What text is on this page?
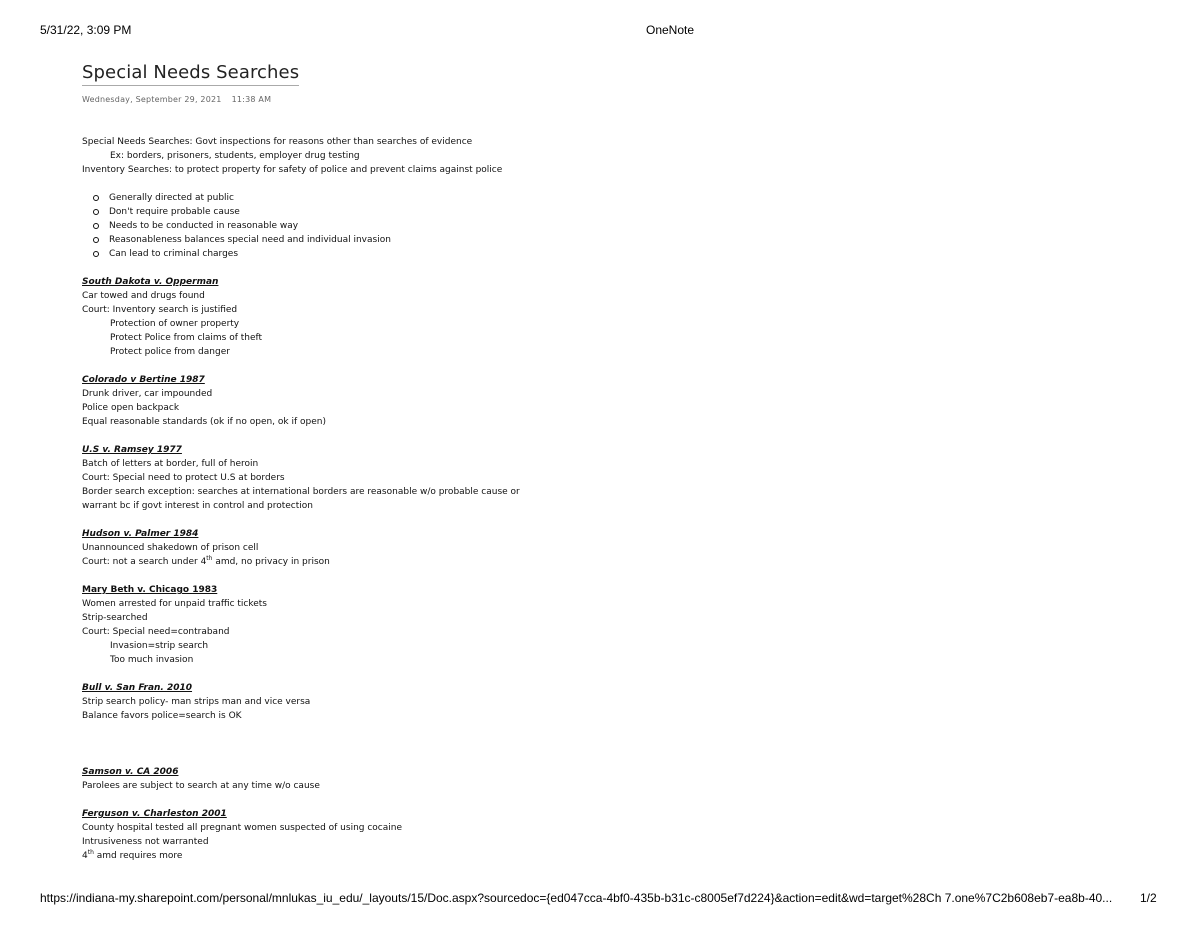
5/31/22, 3:09 PM	OneNote
Special Needs Searches
Wednesday, September 29, 2021 11:38 AM
Special Needs Searches: Govt inspections for reasons other than searches of evidence
Ex: borders, prisoners, students, employer drug testing
Inventory Searches: to protect property for safety of police and prevent claims against police
Generally directed at public
Don't require probable cause
Needs to be conducted in reasonable way
Reasonableness balances special need and individual invasion
Can lead to criminal charges
South Dakota v. Opperman
Car towed and drugs found
Court: Inventory search is justified
Protection of owner property
Protect Police from claims of theft
Protect police from danger
Colorado v Bertine 1987
Drunk driver, car impounded
Police open backpack
Equal reasonable standards (ok if no open, ok if open)
U.S v. Ramsey 1977
Batch of letters at border, full of heroin
Court: Special need to protect U.S at borders
Border search exception: searches at international borders are reasonable w/o probable cause or
warrant bc if govt interest in control and protection
Hudson v. Palmer 1984
Unannounced shakedown of prison cell
Court: not a search under 4th amd, no privacy in prison
Mary Beth v. Chicago 1983
Women arrested for unpaid traffic tickets
Strip-searched
Court: Special need=contraband
Invasion=strip search
Too much invasion
Bull v. San Fran. 2010
Strip search policy- man strips man and vice versa
Balance favors police=search is OK
Samson v. CA 2006
Parolees are subject to search at any time w/o cause
Ferguson v. Charleston 2001
County hospital tested all pregnant women suspected of using cocaine
Intrusiveness not warranted
4th amd requires more
https://indiana-my.sharepoint.com/personal/mnlukas_iu_edu/_layouts/15/Doc.aspx?sourcedoc={ed047cca-4bf0-435b-b31c-c8005ef7d224}&action=edit&wd=target%28Ch 7.one%7C2b608eb7-ea8b-40...	1/2
